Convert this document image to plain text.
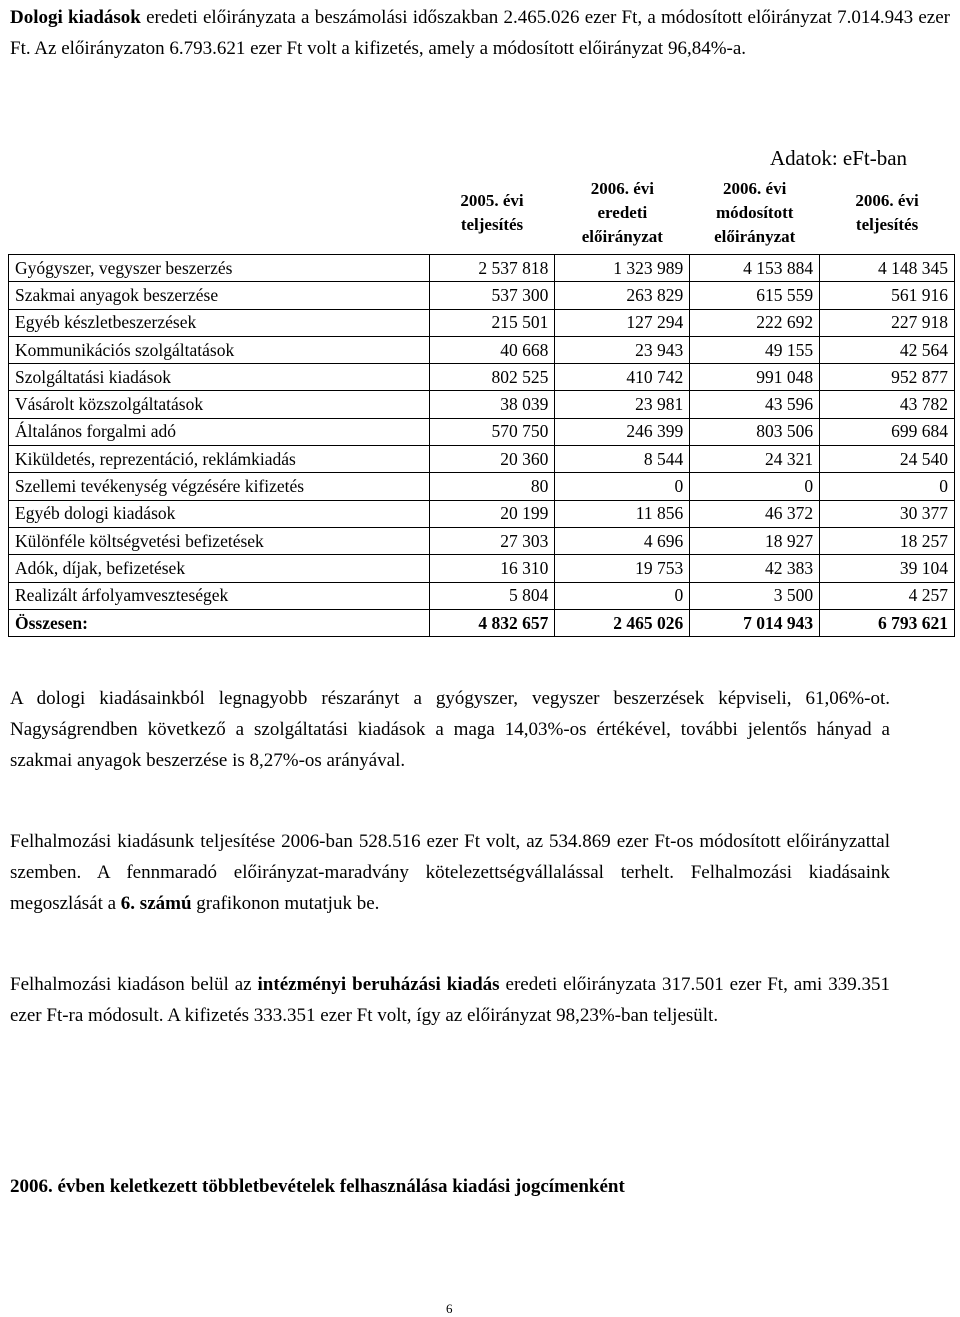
Dologi kiadások eredeti előirányzata a beszámolási időszakban 2.465.026 ezer Ft, a módosított előirányzat 7.014.943 ezer Ft. Az előirányzaton 6.793.621 ezer Ft volt a kifizetés, amely a módosított előirányzat 96,84%-a.
Adatok: eFt-ban

	2005. évi
teljesítés	2006. évi
eredeti
előirányzat	2006. évi
módosított
előirányzat	2006. évi
teljesítés

Gyógyszer, vegyszer beszerzés	2 537 818	1 323 989	4 153 884	4 148 345
Szakmai anyagok beszerzése	537 300	263 829	615 559	561 916
Egyéb készletbeszerzések	215 501	127 294	222 692	227 918
Kommunikációs szolgáltatások	40 668	23 943	49 155	42 564
Szolgáltatási kiadások	802 525	410 742	991 048	952 877
Vásárolt közszolgáltatások	38 039	23 981	43 596	43 782
Általános forgalmi adó	570 750	246 399	803 506	699 684
Kiküldetés, reprezentáció, reklámkiadás	20 360	8 544	24 321	24 540
Szellemi tevékenység végzésére kifizetés	80	0	0	0
Egyéb dologi kiadások	20 199	11 856	46 372	30 377
Különféle költségvetési befizetések	27 303	4 696	18 927	18 257
Adók, díjak, befizetések	16 310	19 753	42 383	39 104
Realizált árfolyamveszteségek	5 804	0	3 500	4 257
Összesen:	4 832 657	2 465 026	7 014 943	6 793 621
A dologi kiadásainkból legnagyobb részarányt a gyógyszer, vegyszer beszerzések képviseli, 61,06%-ot. Nagyságrendben következő a szolgáltatási kiadások a maga 14,03%-os értékével, további jelentős hányad a szakmai anyagok beszerzése is 8,27%-os arányával.
Felhalmozási kiadásunk teljesítése 2006-ban 528.516 ezer Ft volt, az 534.869 ezer Ft-os módosított előirányzattal szemben. A fennmaradó előirányzat-maradvány kötelezettségvállalással terhelt. Felhalmozási kiadásaink megoszlását a 6. számú grafikonon mutatjuk be.
Felhalmozási kiadáson belül az intézményi beruházási kiadás eredeti előirányzata 317.501 ezer Ft, ami 339.351 ezer Ft-ra módosult. A kifizetés 333.351 ezer Ft volt, így az előirányzat 98,23%-ban teljesült.
2006. évben keletkezett többletbevételek felhasználása kiadási jogcímenként
6
